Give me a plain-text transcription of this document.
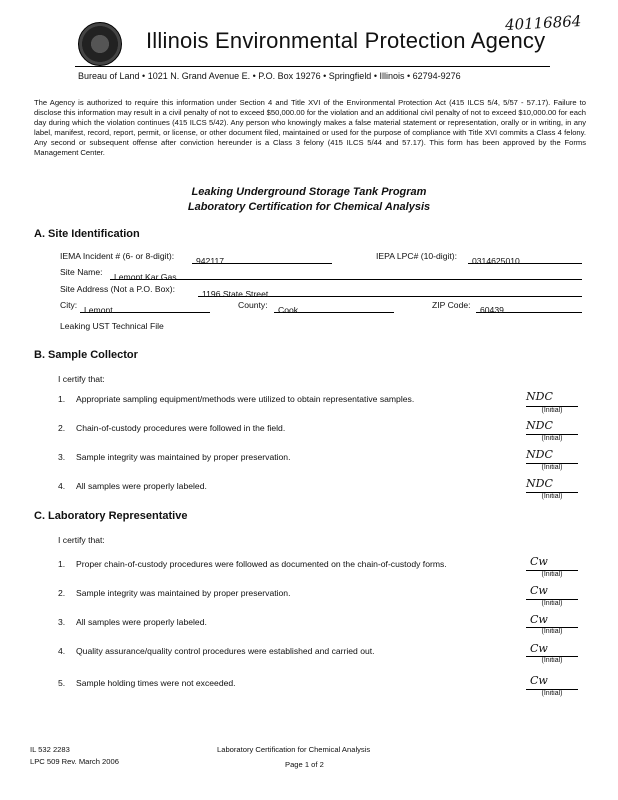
Illinois Environmental Protection Agency
40116864
Bureau of Land • 1021 N. Grand Avenue E. • P.O. Box 19276 • Springfield • Illinois • 62794-9276
The Agency is authorized to require this information under Section 4 and Title XVI of the Environmental Protection Act (415 ILCS 5/4, 5/57 - 57.17). Failure to disclose this information may result in a civil penalty of not to exceed $50,000.00 for the violation and an additional civil penalty of not to exceed $10,000.00 for each day during which the violation continues (415 ILCS 5/42). Any person who knowingly makes a false material statement or representation, orally or in writing, in any label, manifest, record, report, permit, or license, or other document filed, maintained or used for the purpose of compliance with Title XVI commits a Class 4 felony. Any second or subsequent offense after conviction hereunder is a Class 3 felony (415 ILCS 5/44 and 57.17). This form has been approved by the Forms Management Center.
Leaking Underground Storage Tank Program
Laboratory Certification for Chemical Analysis
A. Site Identification
IEMA Incident # (6- or 8-digit):	942117	IEPA LPC# (10-digit):	0314625010
Site Name:	Lemont Kar Gas
Site Address (Not a P.O. Box):	1196 State Street
City: Lemont	County:	Cook	ZIP Code:	60439
Leaking UST Technical File
B. Sample Collector
I certify that:
1. Appropriate sampling equipment/methods were utilized to obtain representative samples.	NDC
(Initial)
2. Chain-of-custody procedures were followed in the field.	NDC
(Initial)
3. Sample integrity was maintained by proper preservation.	NDC
(Initial)
4. All samples were properly labeled.	NDC
(Initial)
C. Laboratory Representative
I certify that:
1. Proper chain-of-custody procedures were followed as documented on the chain-of-custody forms.	Cw
(Initial)
2. Sample integrity was maintained by proper preservation.	Cw
(Initial)
3. All samples were properly labeled.	Cw
(Initial)
4. Quality assurance/quality control procedures were established and carried out.	Cw
(Initial)
5. Sample holding times were not exceeded.	Cw
(Initial)
IL 532 2283
LPC 509 Rev. March 2006
Laboratory Certification for Chemical Analysis
Page 1 of 2
